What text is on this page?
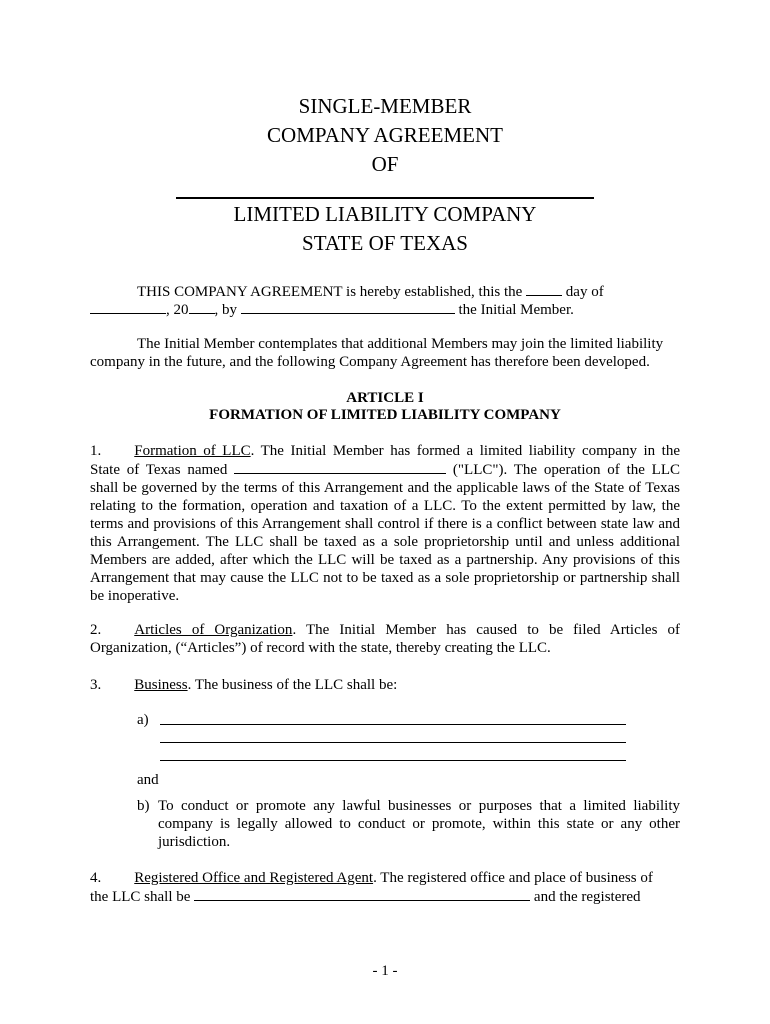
SINGLE-MEMBER
COMPANY AGREEMENT
OF
LIMITED LIABILITY COMPANY
STATE OF TEXAS
THIS COMPANY AGREEMENT is hereby established, this the	day of
, 20 , by	the Initial Member.
The Initial Member contemplates that additional Members may join the limited liability
company in the future, and the following Company Agreement has therefore been developed.
ARTICLE I
FORMATION OF LIMITED LIABILITY COMPANY
1. Formation of LLC. The Initial Member has formed a limited liability company in the
State of Texas named	("LLC"). The operation of the LLC
shall be governed by the terms of this Arrangement and the applicable laws of the State of Texas
relating to the formation, operation and taxation of a LLC. To the extent permitted by law, the
terms and provisions of this Arrangement shall control if there is a conflict between state law and
this Arrangement. The LLC shall be taxed as a sole proprietorship until and unless additional
Members are added, after which the LLC will be taxed as a partnership. Any provisions of this
Arrangement that may cause the LLC not to be taxed as a sole proprietorship or partnership shall
be inoperative.
2. Articles of Organization. The Initial Member has caused to be filed Articles of
Organization, (“Articles”) of record with the state, thereby creating the LLC.
3. Business. The business of the LLC shall be:
a)
and
b) To conduct or promote any lawful businesses or purposes that a limited liability
company is legally allowed to conduct or promote, within this state or any other
jurisdiction.
4. Registered Office and Registered Agent. The registered office and place of business of
the LLC shall be	and the registered
- 1 -
